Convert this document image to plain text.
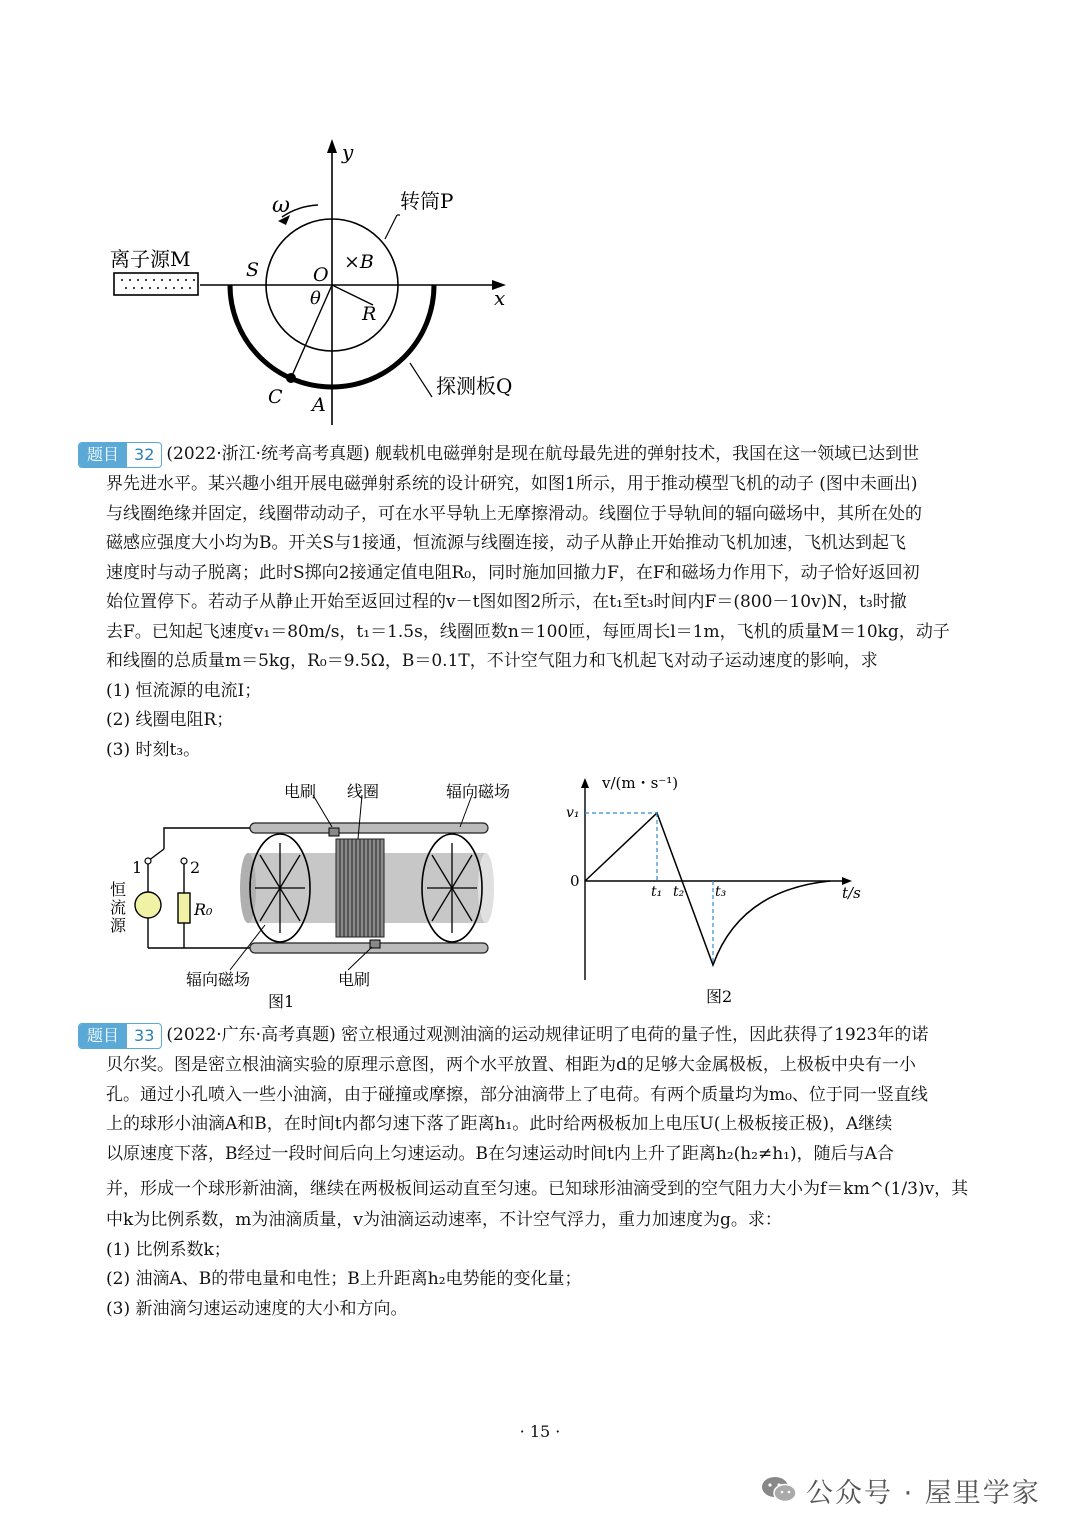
y
x
ω	转筒P
离子源M	S	O
×B
θ
R
C A
探测板Q
题目 32 (2022·浙江·统考高考真题) 舰载机电磁弹射是现在航母最先进的弹射技术，我国在这一领域已达到世
界先进水平。某兴趣小组开展电磁弹射系统的设计研究，如图1所示，用于推动模型飞机的动子 (图中未画出)
与线圈绝缘并固定，线圈带动动子，可在水平导轨上无摩擦滑动。线圈位于导轨间的辐向磁场中，其所在处的
磁感应强度大小均为B。开关S与1接通，恒流源与线圈连接，动子从静止开始推动飞机加速，飞机达到起飞
速度时与动子脱离；此时S掷向2接通定值电阻R₀，同时施加回撤力F，在F和磁场力作用下，动子恰好返回初
始位置停下。若动子从静止开始至返回过程的v－t图如图2所示，在t₁至t₃时间内F＝(800－10v)N，t₃时撤
去F。已知起飞速度v₁＝80m/s，t₁＝1.5s，线圈匝数n＝100匝，每匝周长l＝1m，飞机的质量M＝10kg，动子
和线圈的总质量m＝5kg，R₀＝9.5Ω，B＝0.1T，不计空气阻力和飞机起飞对动子运动速度的影响，求
(1) 恒流源的电流I；
(2) 线圈电阻R；
(3) 时刻t₃。
电刷 线圈	辐向磁场
1	2
恒
流
源
R₀
辐向磁场	电刷
图1
v/(m・s⁻¹)
v₁
0
t₁ t₂ t₃	t/s
图2
题目 33 (2022·广东·高考真题) 密立根通过观测油滴的运动规律证明了电荷的量子性，因此获得了1923年的诺
贝尔奖。图是密立根油滴实验的原理示意图，两个水平放置、相距为d的足够大金属极板，上极板中央有一小
孔。通过小孔喷入一些小油滴，由于碰撞或摩擦，部分油滴带上了电荷。有两个质量均为m₀、位于同一竖直线
上的球形小油滴A和B，在时间t内都匀速下落了距离h₁。此时给两极板加上电压U(上极板接正极)，A继续
以原速度下落，B经过一段时间后向上匀速运动。B在匀速运动时间t内上升了距离h₂(h₂≠h₁)，随后与A合
并，形成一个球形新油滴，继续在两极板间运动直至匀速。已知球形油滴受到的空气阻力大小为f＝km^(1/3)v，其
中k为比例系数，m为油滴质量，v为油滴运动速率，不计空气浮力，重力加速度为g。求：
(1) 比例系数k；
(2) 油滴A、B的带电量和电性；B上升距离h₂电势能的变化量；
(3) 新油滴匀速运动速度的大小和方向。
· 15 ·
公众号 · 屋里学家
